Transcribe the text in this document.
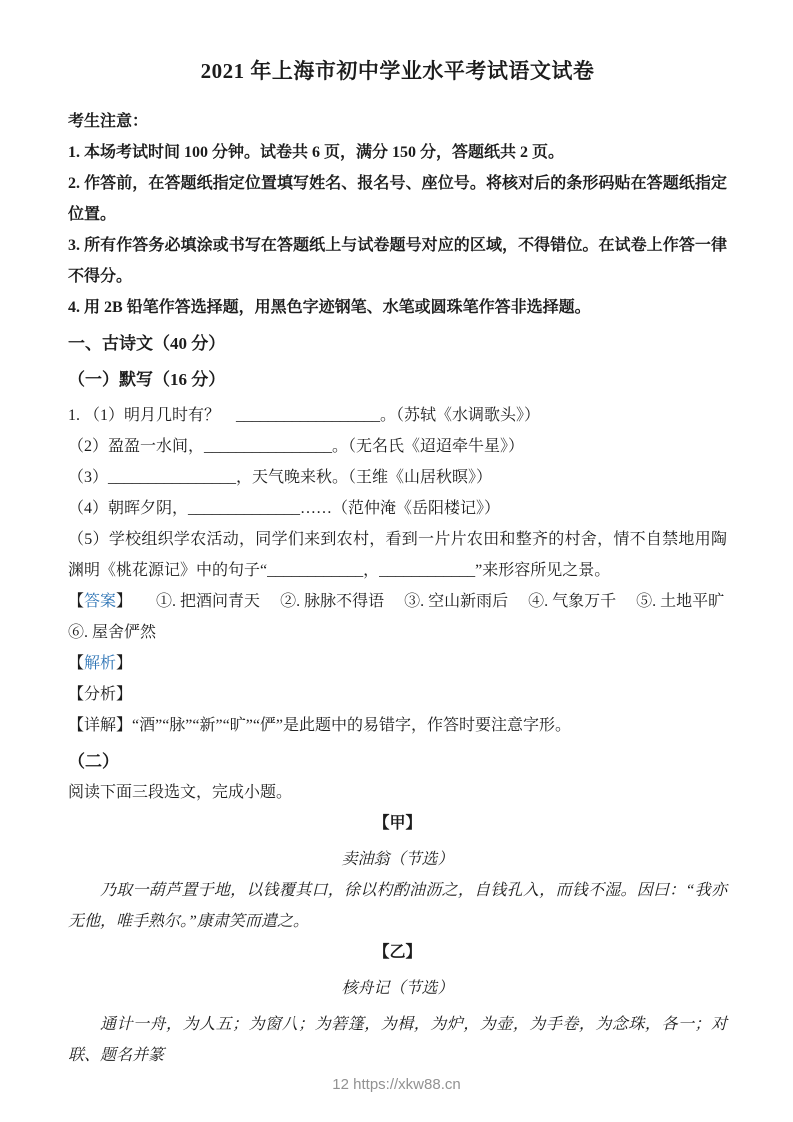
2021 年上海市初中学业水平考试语文试卷

考生注意：

1. 本场考试时间 100 分钟。试卷共 6 页，满分 150 分，答题纸共 2 页。

2. 作答前，在答题纸指定位置填写姓名、报名号、座位号。将核对后的条形码贴在答题纸指定位置。

3. 所有作答务必填涂或书写在答题纸上与试卷题号对应的区域，不得错位。在试卷上作答一律不得分。

4. 用 2B 铅笔作答选择题，用黑色字迹钢笔、水笔或圆珠笔作答非选择题。

一、古诗文（40 分）

（一）默写（16 分）

1. （1）明月几时有？　__________________。（苏轼《水调歌头》）

（2）盈盈一水间，________________。（无名氏《迢迢牵牛星》）

（3）________________，天气晚来秋。（王维《山居秋暝》）

（4）朝晖夕阴，______________……（范仲淹《岳阳楼记》）

（5）学校组织学农活动，同学们来到农村，看到一片片农田和整齐的村舍，情不自禁地用陶渊明《桃花源记》中的句子“____________，____________”来形容所见之景。

【答案】 ①. 把酒问青天 ②. 脉脉不得语 ③. 空山新雨后 ④. 气象万千 ⑤. 土地平旷

⑥. 屋舍俨然

【解析】

【分析】

【详解】“酒”“脉”“新”“旷”“俨”是此题中的易错字，作答时要注意字形。

（二）

阅读下面三段选文，完成小题。

【甲】

卖油翁（节选）

乃取一葫芦置于地，以钱覆其口，徐以杓酌油沥之，自钱孔入，而钱不湿。因曰：“我亦无他，唯手熟尔。”康肃笑而遣之。

【乙】

核舟记（节选）

通计一舟，为人五；为窗八；为箬篷，为楫，为炉，为壶，为手卷，为念珠，各一；对联、题名并篆

12 https://xkw88.cn
